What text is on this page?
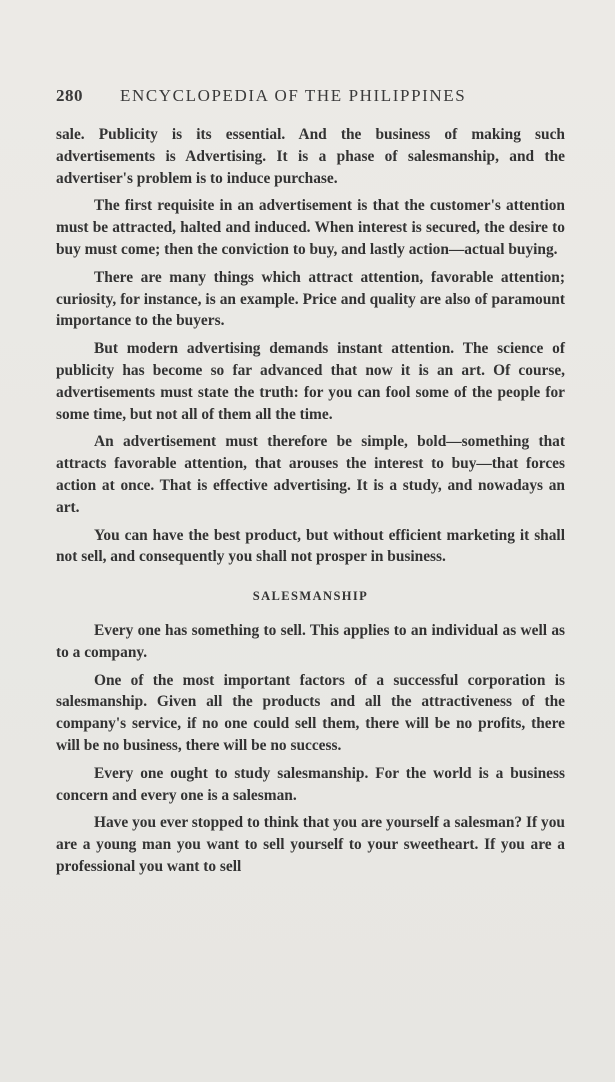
280	ENCYCLOPEDIA OF THE PHILIPPINES

sale. Publicity is its essential. And the business of making such advertisements is Advertising. It is a phase of salesmanship, and the advertiser's problem is to induce purchase.

The first requisite in an advertisement is that the customer's attention must be attracted, halted and induced. When interest is secured, the desire to buy must come; then the conviction to buy, and lastly action—actual buying.

There are many things which attract attention, favorable attention; curiosity, for instance, is an example. Price and quality are also of paramount importance to the buyers.

But modern advertising demands instant attention. The science of publicity has become so far advanced that now it is an art. Of course, advertisements must state the truth: for you can fool some of the people for some time, but not all of them all the time.

An advertisement must therefore be simple, bold—something that attracts favorable attention, that arouses the interest to buy—that forces action at once. That is effective advertising. It is a study, and nowadays an art.

You can have the best product, but without efficient marketing it shall not sell, and consequently you shall not prosper in business.

SALESMANSHIP

Every one has something to sell. This applies to an individual as well as to a company.

One of the most important factors of a successful corporation is salesmanship. Given all the products and all the attractiveness of the company's service, if no one could sell them, there will be no profits, there will be no business, there will be no success.

Every one ought to study salesmanship. For the world is a business concern and every one is a salesman.

Have you ever stopped to think that you are yourself a salesman? If you are a young man you want to sell yourself to your sweetheart. If you are a professional you want to sell
